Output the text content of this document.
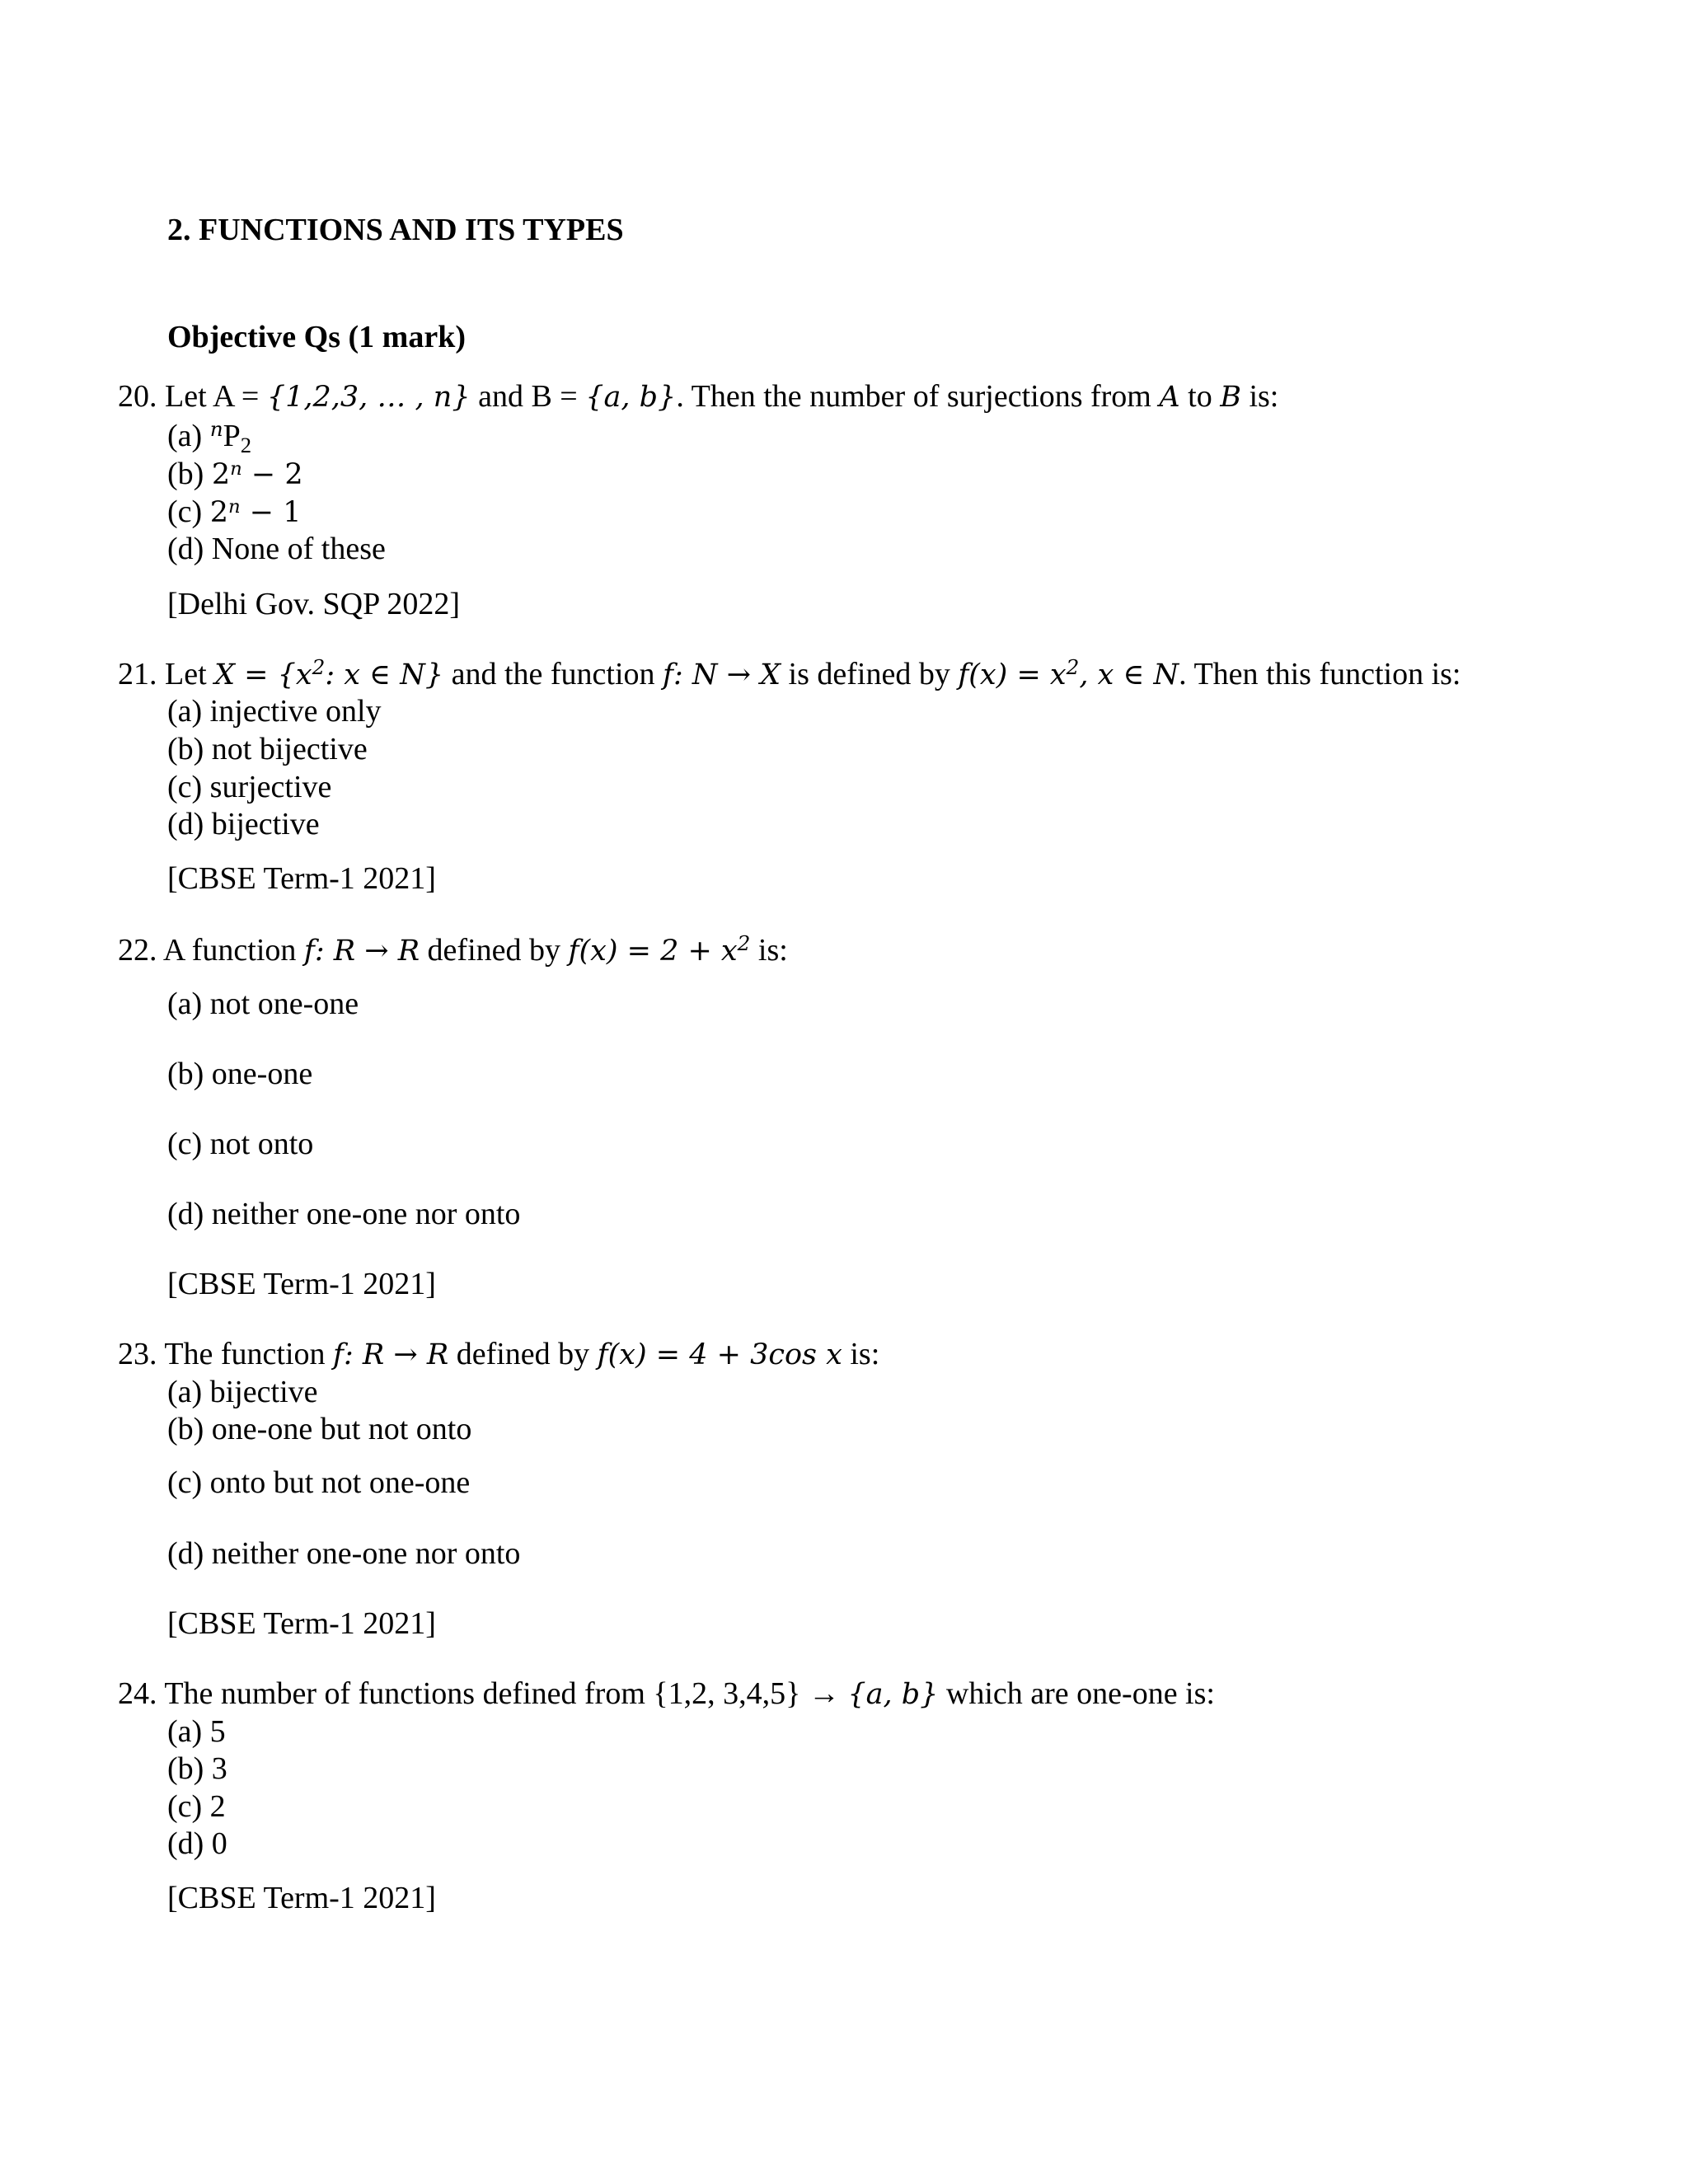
2. FUNCTIONS AND ITS TYPES
Objective Qs (1 mark)
20. Let A = {1,2,3, … , n} and B = {a, b}. Then the number of surjections from A to B is:
(a) $^nP_2$
(b) $2^n - 2$
(c) $2^n - 1$
(d) None of these
[Delhi Gov. SQP 2022]
21. Let $X = \{x^2$: x ∈ N} and the function f: N → X is defined by $f(x) = x^2$, x ∈ N. Then this function is:
(a) injective only
(b) not bijective
(c) surjective
(d) bijective
[CBSE Term-1 2021]
22. A function f: R → R defined by $f(x) = 2 + x^2$ is:
(a) not one-one
(b) one-one
(c) not onto
(d) neither one-one nor onto
[CBSE Term-1 2021]
23. The function f: R → R defined by f(x) = 4 + 3cos x is:
(a) bijective
(b) one-one but not onto
(c) onto but not one-one
(d) neither one-one nor onto
[CBSE Term-1 2021]
24. The number of functions defined from {1,2, 3,4,5} → {a, b} which are one-one is:
(a) 5
(b) 3
(c) 2
(d) 0
[CBSE Term-1 2021]
